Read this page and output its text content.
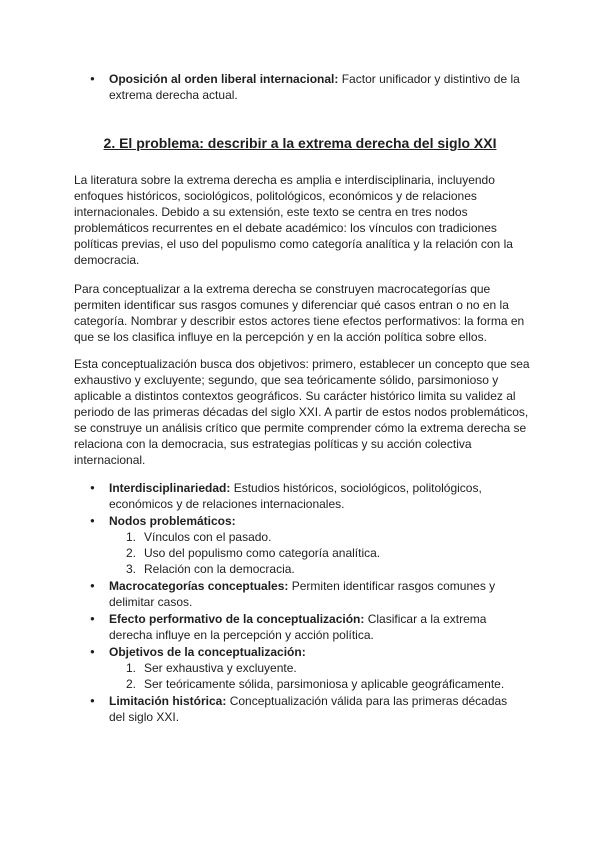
● Oposición al orden liberal internacional: Factor unificador y distintivo de la extrema derecha actual.
2. El problema: describir a la extrema derecha del siglo XXI

La literatura sobre la extrema derecha es amplia e interdisciplinaria, incluyendo enfoques históricos, sociológicos, politológicos, económicos y de relaciones internacionales. Debido a su extensión, este texto se centra en tres nodos problemáticos recurrentes en el debate académico: los vínculos con tradiciones políticas previas, el uso del populismo como categoría analítica y la relación con la democracia.

Para conceptualizar a la extrema derecha se construyen macrocategorías que permiten identificar sus rasgos comunes y diferenciar qué casos entran o no en la categoría. Nombrar y describir estos actores tiene efectos performativos: la forma en que se los clasifica influye en la percepción y en la acción política sobre ellos.

Esta conceptualización busca dos objetivos: primero, establecer un concepto que sea exhaustivo y excluyente; segundo, que sea teóricamente sólido, parsimonioso y aplicable a distintos contextos geográficos. Su carácter histórico limita su validez al periodo de las primeras décadas del siglo XXI. A partir de estos nodos problemáticos, se construye un análisis crítico que permite comprender cómo la extrema derecha se relaciona con la democracia, sus estrategias políticas y su acción colectiva internacional.

● Interdisciplinariedad: Estudios históricos, sociológicos, politológicos, económicos y de relaciones internacionales.
● Nodos problemáticos:
1. Vínculos con el pasado.
2. Uso del populismo como categoría analítica.
3. Relación con la democracia.
● Macrocategorías conceptuales: Permiten identificar rasgos comunes y delimitar casos.
● Efecto performativo de la conceptualización: Clasificar a la extrema derecha influye en la percepción y acción política.
● Objetivos de la conceptualización:
1. Ser exhaustiva y excluyente.
2. Ser teóricamente sólida, parsimoniosa y aplicable geográficamente.
● Limitación histórica: Conceptualización válida para las primeras décadas del siglo XXI.
